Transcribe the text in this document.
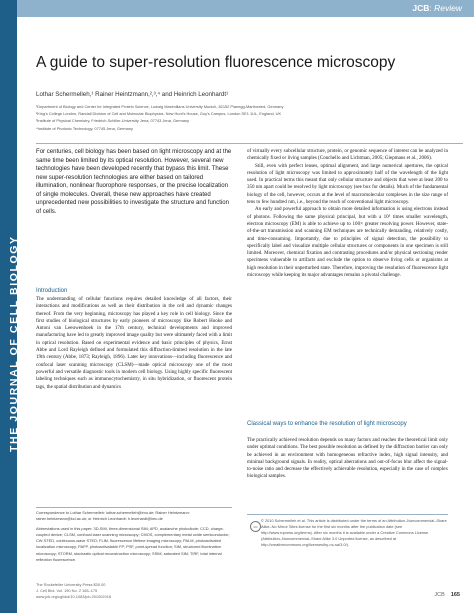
THE JOURNAL OF CELL BIOLOGY
JCB: Review
A guide to super-resolution fluorescence microscopy
Lothar Schermelleh,¹ Rainer Heintzmann,²,³,⁴ and Heinrich Leonhardt¹
¹Department of Biology and Center for Integrated Protein Science, Ludwig Maximilians University Munich, 82152 Planegg-Martinsried, Germany
²King's College London, Randall Division of Cell and Molecular Biophysics, New Hunt's House, Guy's Campus, London SE1 1UL, England, UK
³Institute of Physical Chemistry, Friedrich-Schiller-University Jena, 07743 Jena, Germany
⁴Institute of Photonic Technology, 07745 Jena, Germany
For centuries, cell biology has been based on light microscopy and at the same time been limited by its optical resolution. However, several new technologies have been developed recently that bypass this limit. These new super-resolution technologies are either based on tailored illumination, nonlinear fluorophore responses, or the precise localization of single molecules. Overall, these new approaches have created unprecedented new possibilities to investigate the structure and function of cells.
Introduction
The understanding of cellular functions requires detailed knowledge of all factors, their interactions and modifications as well as their distribution in the cell and dynamic changes thereof. From the very beginning, microscopy has played a key role in cell biology. Since the first studies of biological structures by early pioneers of microscopy like Robert Hooke and Antoni van Leeuwenhoek in the 17th century, technical developments and improved manufacturing have led to greatly improved image quality but were ultimately faced with a limit in optical resolution. Based on experimental evidence and basic principles of physics, Ernst Abbe and Lord Rayleigh defined and formulated this diffraction-limited resolution in the late 19th century (Abbe, 1873; Rayleigh, 1896). Later key innovations—including fluorescence and confocal laser scanning microscopy (CLSM)—made optical microscopy one of the most powerful and versatile diagnostic tools in modern cell biology. Using highly specific fluorescent labeling techniques such as immunocytochemistry, in situ hybridization, or fluorescent protein tags, the spatial distribution and dynamics
of virtually every subcellular structure, protein, or genomic sequence of interest can be analyzed in chemically fixed or living samples (Conchello and Lichtman, 2005; Giepmans et al., 2006).
Still, even with perfect lenses, optimal alignment, and large numerical apertures, the optical resolution of light microscopy was limited to approximately half of the wavelength of the light used. In practical terms this meant that only cellular structure and objects that were at least 200 to 350 nm apart could be resolved by light microscopy (see box for details). Much of the fundamental biology of the cell, however, occurs at the level of macromolecular complexes in the size range of tens to few hundred nm, i.e., beyond the reach of conventional light microscopy.
An early and powerful approach to obtain more detailed information is using electrons instead of photons. Following the same physical principal, but with a 10⁵ times smaller wavelength, electron microscopy (EM) is able to achieve up to 100× greater resolving power. However, state-of-the-art transmission and scanning EM techniques are technically demanding, relatively costly, and time-consuming. Importantly, due to principles of signal detection, the possibility to specifically label and visualize multiple cellular structures or components in one specimen is still limited. Moreover, chemical fixation and contrasting procedures and/or physical sectioning render specimens vulnerable to artifacts and exclude the option to observe living cells or organisms at high resolution in their unperturbed state. Therefore, improving the resolution of fluorescence light microscopy while keeping its major advantages remains a pivotal challenge.
Classical ways to enhance the resolution of light microscopy
The practically achieved resolution depends on many factors and reaches the theoretical limit only under optimal conditions. The best possible resolution as defined by the diffraction barrier can only be achieved in an environment with homogeneous refractive index, high signal intensity, and minimal background signals. In reality, optical aberrations and out-of-focus blur affect the signal-to-noise ratio and decrease the effectively achievable resolution, especially in the case of complex biological samples.
Correspondence to Lothar Schermelleh: lothar.schermelleh@lmu.de; Rainer Heintzmann: rainer.heintzmann@kcl.ac.uk; or Heinrich Leonhardt: h.leonhardt@lmu.de
Abbreviations used in this paper: 3D-SIM, three-dimensional SIM; APD, avalanche photodiode; CCD, charge-coupled device; CLSM, confocal laser scanning microscopy; CMOS, complementary metal oxide semiconductor; CW-STED, continuous-wave STED; FLIM, fluorescence lifetime imaging microscopy; PALM, photoactivated localization microscopy; PAFP, photoactivatable FP; PSF, point-spread function; SIM, structured illumination microscopy; STORM, stochastic optical reconstruction microscopy; SSIM, saturated SIM; TIRF, total internal reflection fluorescence.
cc
© 2010 Schermelleh et al. This article is distributed under the terms of an Attribution–Noncommercial–Share Alike–No Mirror Sites license for the first six months after the publication date (see http://www.rupress.org/terms). After six months it is available under a Creative Commons License (Attribution–Noncommercial–Share Alike 3.0 Unported license, as described at http://creativecommons.org/licenses/by-nc-sa/3.0/).
The Rockefeller University Press $30.00
J. Cell Biol. Vol. 190 No. 2 165–175
www.jcb.org/cgi/doi/10.1083/jcb.201002018	JCB 165
